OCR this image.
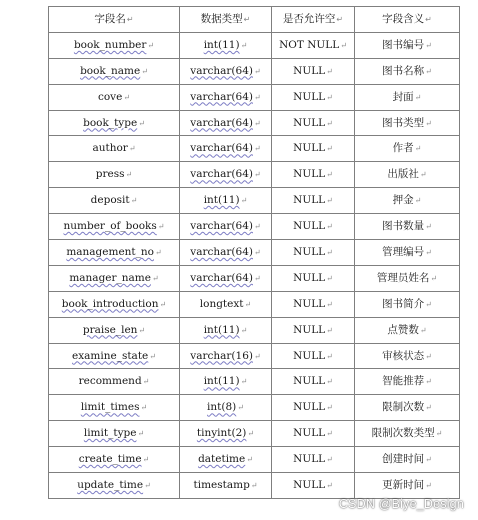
字段名↵	数据类型↵	是否允许空↵	字段含义↵
book_number↵	int(11)↵	NOT NULL↵	图书编号↵
book_name↵	varchar(64)↵	NULL↵	图书名称↵
cove↵	varchar(64)↵	NULL↵	封面↵
book_type↵	varchar(64)↵	NULL↵	图书类型↵
author↵	varchar(64)↵	NULL↵	作者↵
press↵	varchar(64)↵	NULL↵	出版社↵
deposit↵	int(11)↵	NULL↵	押金↵
number_of_books↵	varchar(64)↵	NULL↵	图书数量↵
management_no↵	varchar(64)↵	NULL↵	管理编号↵
manager_name↵	varchar(64)↵	NULL↵	管理员姓名↵
book_introduction↵	longtext↵	NULL↵	图书简介↵
praise_len↵	int(11)↵	NULL↵	点赞数↵
examine_state↵	varchar(16)↵	NULL↵	审核状态↵
recommend↵	int(11)↵	NULL↵	智能推荐↵
limit_times↵	int(8)↵	NULL↵	限制次数↵
limit_type↵	tinyint(2)↵	NULL↵	限制次数类型↵
create_time↵	datetime↵	NULL↵	创建时间↵
update_time↵	timestamp↵	NULL↵	更新时间↵
CSDN @Biye_Design
